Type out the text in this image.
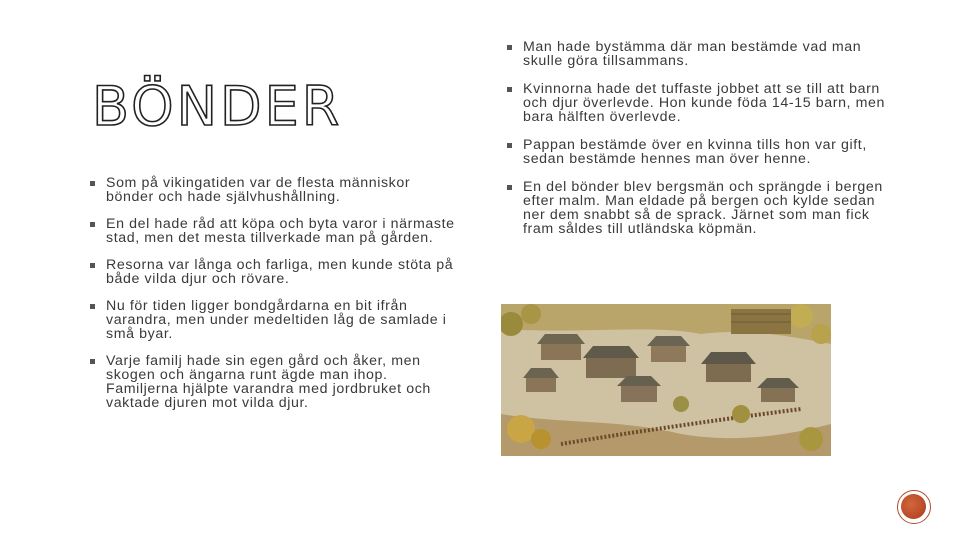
BÖNDER
Som på vikingatiden var de flesta människor bönder och hade självhushållning.
En del hade råd att köpa och byta varor i närmaste stad, men det mesta tillverkade man på gården.
Resorna var långa och farliga, men kunde stöta på både vilda djur och rövare.
Nu för tiden ligger bondgårdarna en bit ifrån varandra, men under medeltiden låg de samlade i små byar.
Varje familj hade sin egen gård och åker, men skogen och ängarna runt ägde man ihop. Familjerna hjälpte varandra med jordbruket och vaktade djuren mot vilda djur.
Man hade bystämma där man bestämde vad man skulle göra tillsammans.
Kvinnorna hade det tuffaste jobbet att se till att barn och djur överlevde. Hon kunde föda 14-15 barn, men bara hälften överlevde.
Pappan bestämde över en kvinna tills hon var gift, sedan bestämde hennes man över henne.
En del bönder blev bergsmän och sprängde i bergen efter malm. Man eldade på bergen och kylde sedan ner dem snabbt så de sprack. Järnet som man fick fram såldes till utländska köpmän.
